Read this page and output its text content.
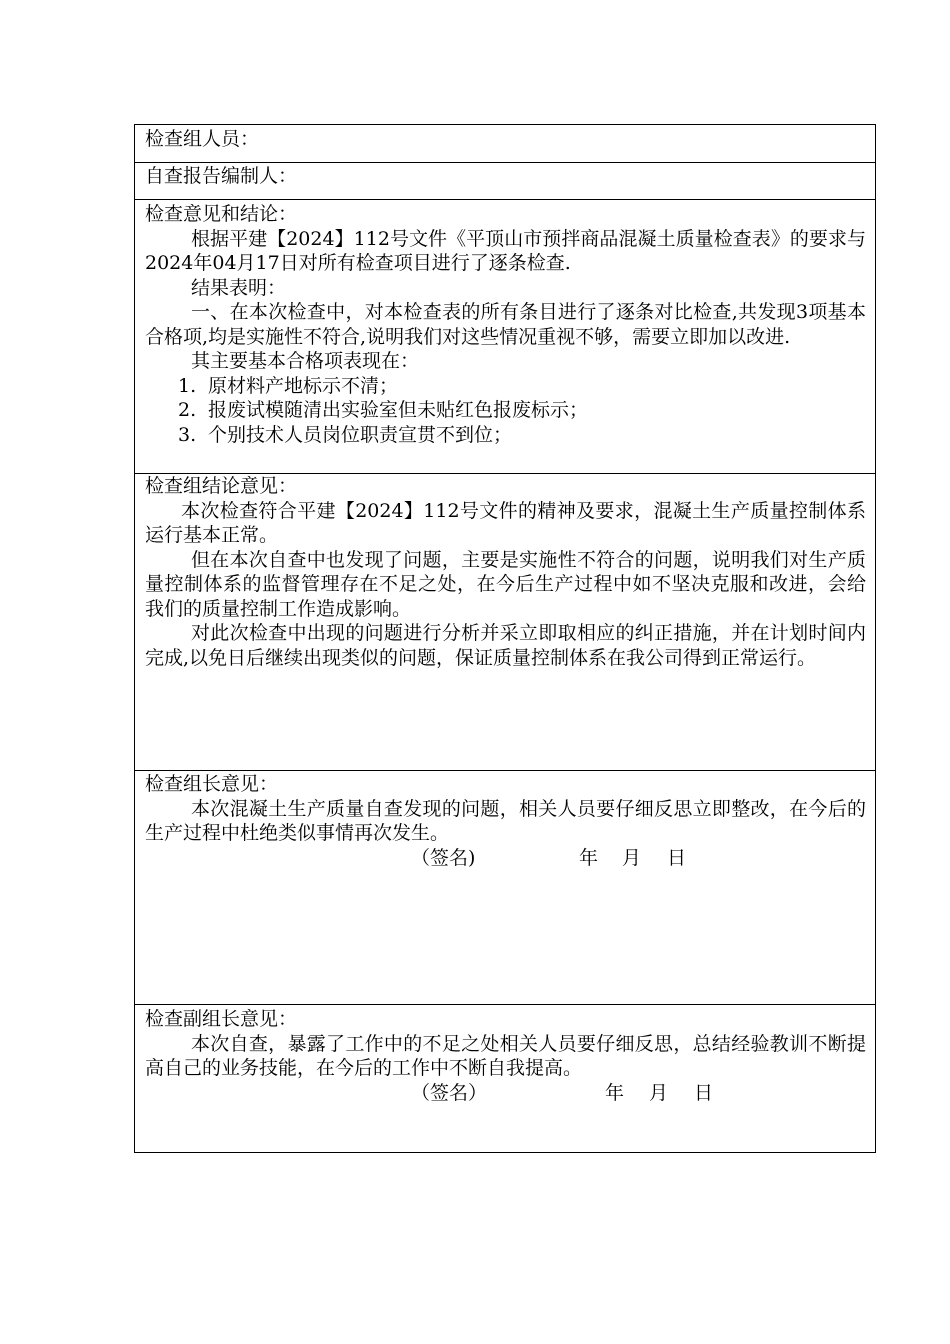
检查组人员：

自查报告编制人：

检查意见和结论：

根据平建【2024】112号文件《平顶山市预拌商品混凝土质量检查表》的要求与2024年04月17日对所有检查项目进行了逐条检查.

结果表明：

一、在本次检查中，对本检查表的所有条目进行了逐条对比检查,共发现3项基本合格项,均是实施性不符合,说明我们对这些情况重视不够，需要立即加以改进.

其主要基本合格项表现在：

1. 原材料产地标示不清；

2. 报废试模随清出实验室但未贴红色报废标示；

3. 个别技术人员岗位职责宣贯不到位；

检查组结论意见：

本次检查符合平建【2024】112号文件的精神及要求，混凝土生产质量控制体系运行基本正常。

但在本次自查中也发现了问题，主要是实施性不符合的问题，说明我们对生产质量控制体系的监督管理存在不足之处，在今后生产过程中如不坚决克服和改进，会给我们的质量控制工作造成影响。

对此次检查中出现的问题进行分析并采立即取相应的纠正措施，并在计划时间内完成,以免日后继续出现类似的问题，保证质量控制体系在我公司得到正常运行。

检查组长意见：

本次混凝土生产质量自查发现的问题，相关人员要仔细反思立即整改，在今后的生产过程中杜绝类似事情再次发生。

（签名)	年 月 日

检查副组长意见：

本次自查，暴露了工作中的不足之处相关人员要仔细反思，总结经验教训不断提高自己的业务技能，在今后的工作中不断自我提高。

（签名）	年 月 日
